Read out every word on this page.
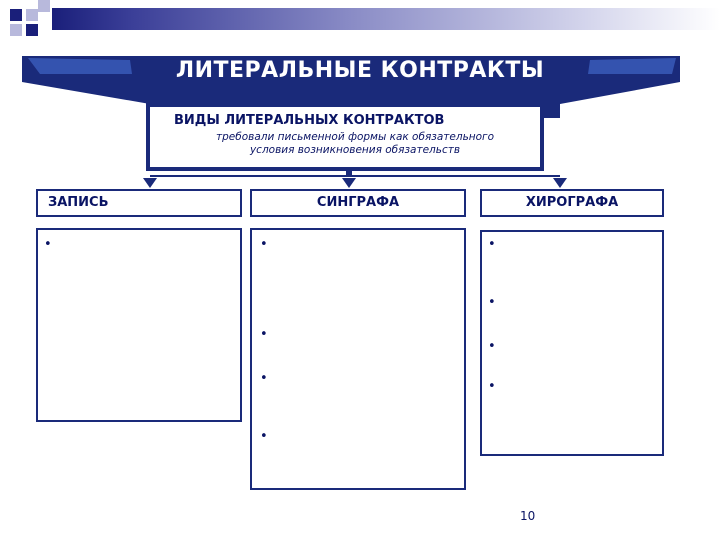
ЛИТЕРАЛЬНЫЕ КОНТРАКТЫ
ВИДЫ ЛИТЕРАЛЬНЫХ КОНТРАКТОВ
требовали письменной формы как обязательного
условия возникновения обязательств
ЗАПИСЬ	СИНГРАФА	ХИРОГРАФА
•	•
•
•
•
•
•
•
•
10
